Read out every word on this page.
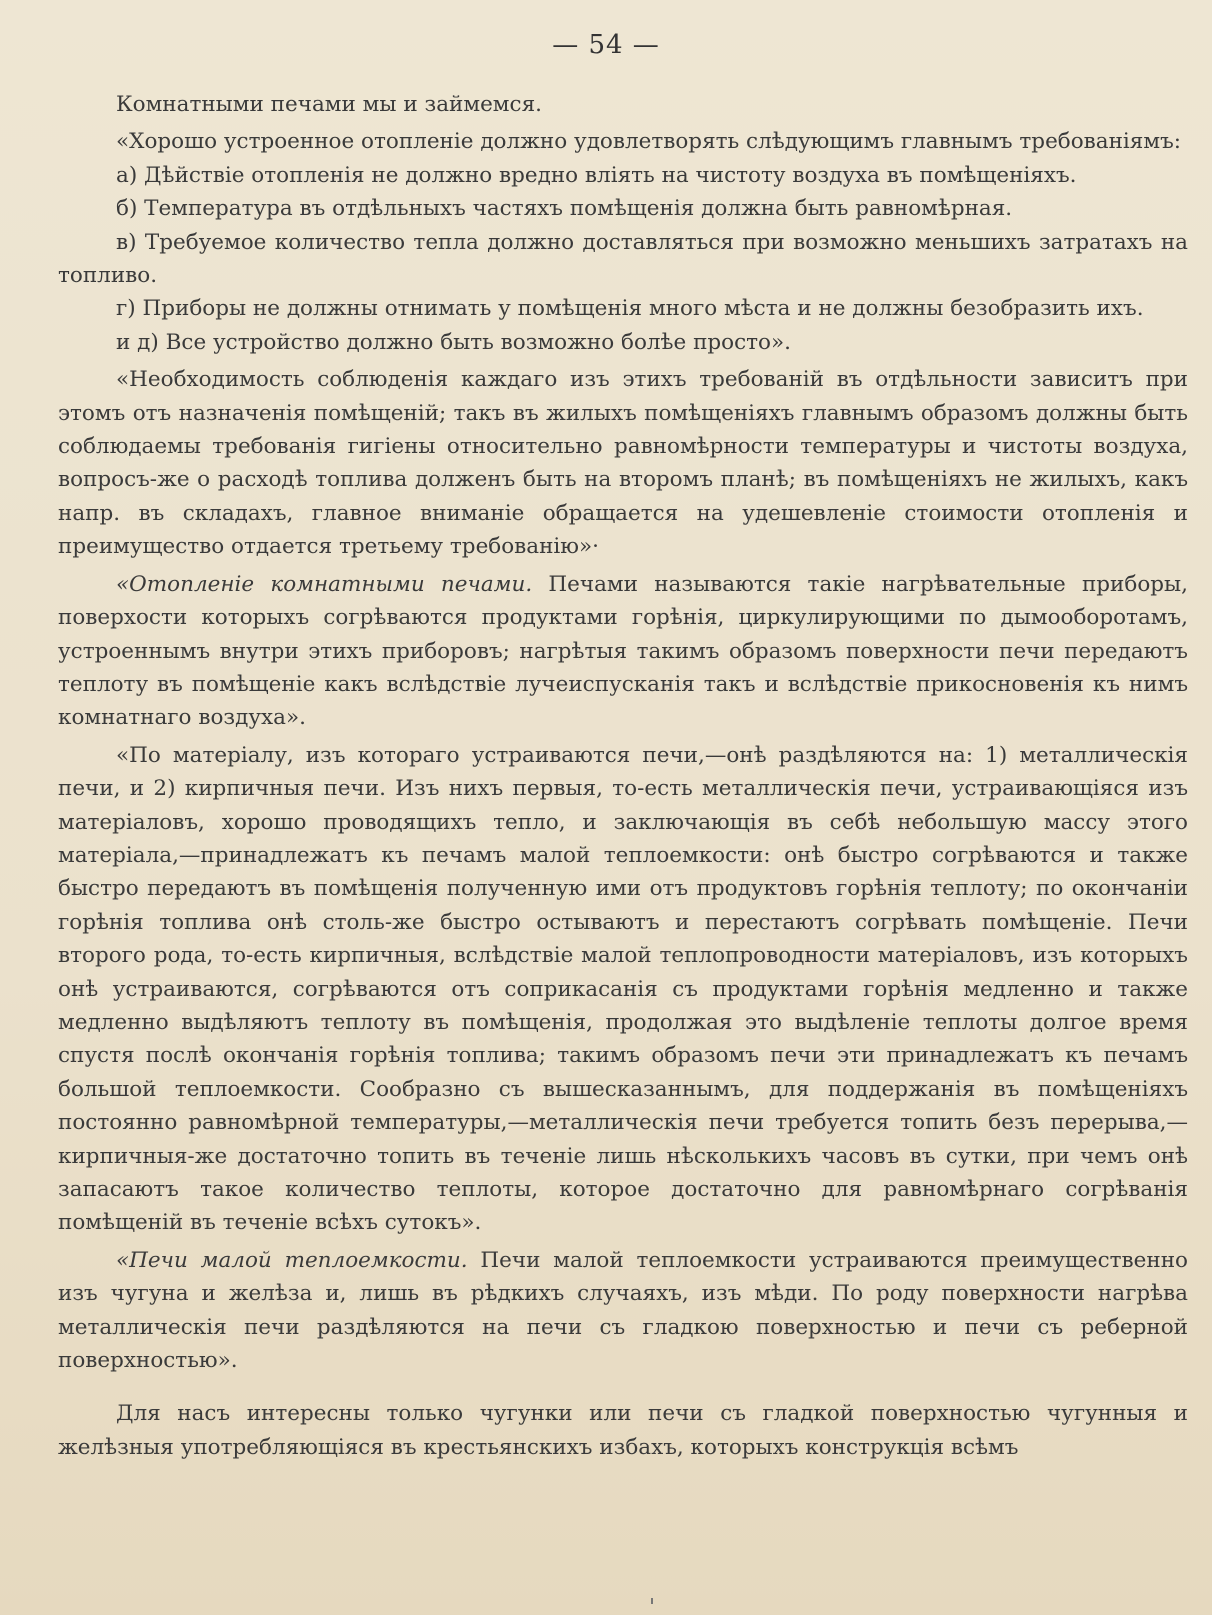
— 54 —

Комнатными печами мы и займемся.

«Хорошо устроенное отопленіе должно удовлетворять слѣдующимъ главнымъ требованіямъ:

а) Дѣйствіе отопленія не должно вредно вліять на чистоту воздуха въ помѣщеніяхъ.

б) Температура въ отдѣльныхъ частяхъ помѣщенія должна быть равномѣрная.

в) Требуемое количество тепла должно доставляться при возможно меньшихъ затратахъ на топливо.

г) Приборы не должны отнимать у помѣщенія много мѣста и не должны безобразить ихъ.

и д) Все устройство должно быть возможно болѣе просто».

«Необходимость соблюденія каждаго изъ этихъ требованій въ отдѣльности зависитъ при этомъ отъ назначенія помѣщеній; такъ въ жилыхъ помѣщеніяхъ главнымъ образомъ должны быть соблюдаемы требованія гигіены относительно равномѣрности температуры и чистоты воздуха, вопросъ-же о расходѣ топлива долженъ быть на второмъ планѣ; въ помѣщеніяхъ не жилыхъ, какъ напр. въ складахъ, главное вниманіе обращается на удешевленіе стоимости отопленія и преимущество отдается третьему требованію»·

«Отопленіе комнатными печами. Печами называются такіе нагрѣвательные приборы, поверхости которыхъ согрѣваются продуктами горѣнія, циркулирующими по дымооборотамъ, устроеннымъ внутри этихъ приборовъ; нагрѣтыя такимъ образомъ поверхности печи передаютъ теплоту въ помѣщеніе какъ вслѣдствіе лучеиспусканія такъ и вслѣдствіе прикосновенія къ нимъ комнатнаго воздуха».

«По матеріалу, изъ котораго устраиваются печи,—онѣ раздѣляются на: 1) металлическія печи, и 2) кирпичныя печи. Изъ нихъ первыя, то-есть металлическія печи, устраивающіяся изъ матеріаловъ, хорошо проводящихъ тепло, и заключающія въ себѣ небольшую массу этого матеріала,—принадлежатъ къ печамъ малой теплоемкости: онѣ быстро согрѣваются и также быстро передаютъ въ помѣщенія полученную ими отъ продуктовъ горѣнія теплоту; по окончаніи горѣнія топлива онѣ столь-же быстро остываютъ и перестаютъ согрѣвать помѣщеніе. Печи второго рода, то-есть кирпичныя, вслѣдствіе малой теплопроводности матеріаловъ, изъ которыхъ онѣ устраиваются, согрѣваются отъ соприкасанія съ продуктами горѣнія медленно и также медленно выдѣляютъ теплоту въ помѣщенія, продолжая это выдѣленіе теплоты долгое время спустя послѣ окончанія горѣнія топлива; такимъ образомъ печи эти принадлежатъ къ печамъ большой теплоемкости. Сообразно съ вышесказаннымъ, для поддержанія въ помѣщеніяхъ постоянно равномѣрной температуры,—металлическія печи требуется топить безъ перерыва,—кирпичныя-же достаточно топить въ теченіе лишь нѣсколькихъ часовъ въ сутки, при чемъ онѣ запасаютъ такое количество теплоты, которое достаточно для равномѣрнаго согрѣванія помѣщеній въ теченіе всѣхъ сутокъ».

«Печи малой теплоемкости. Печи малой теплоемкости устраиваются преимущественно изъ чугуна и желѣза и, лишь въ рѣдкихъ случаяхъ, изъ мѣди. По роду поверхности нагрѣва металлическія печи раздѣляются на печи съ гладкою поверхностью и печи съ реберной поверхностью».

Для насъ интересны только чугунки или печи съ гладкой поверхностью чугунныя и желѣзныя употребляющіяся въ крестьянскихъ избахъ, которыхъ конструкція всѣмъ
